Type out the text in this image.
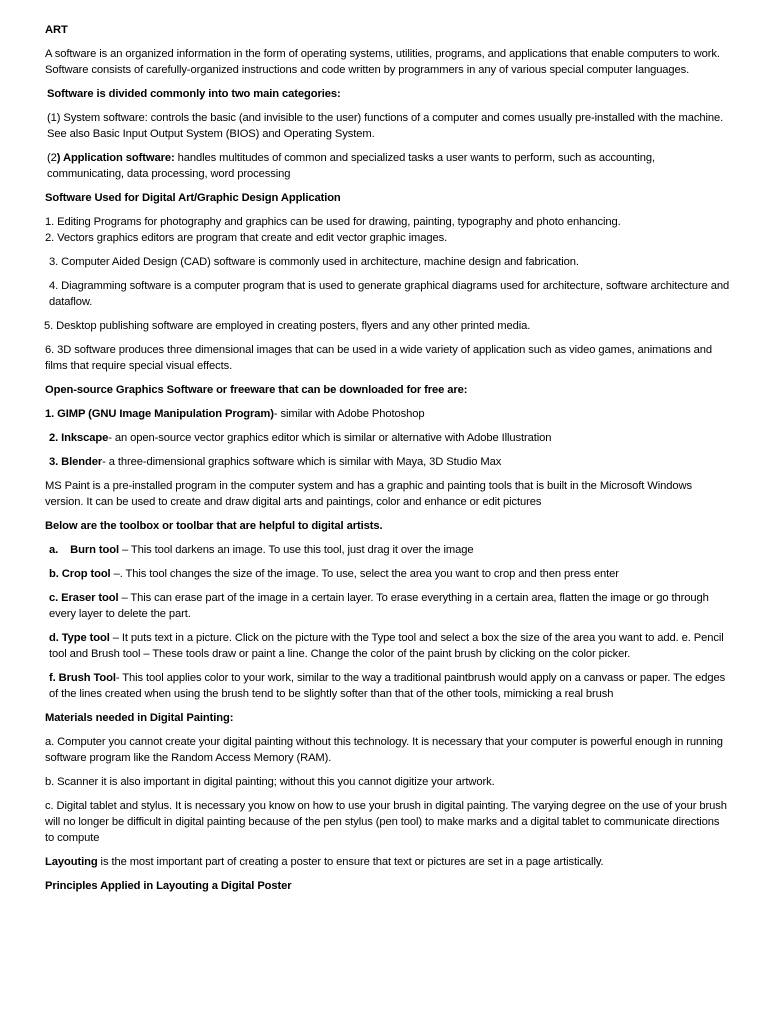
ART

A software is an organized information in the form of operating systems, utilities, programs, and applications that enable computers to work. Software consists of carefully-organized instructions and code written by programmers in any of various special computer languages.

Software is divided commonly into two main categories:

(1) System software: controls the basic (and invisible to the user) functions of a computer and comes usually pre-installed with the machine. See also Basic Input Output System (BIOS) and Operating System.

(2) Application software: handles multitudes of common and specialized tasks a user wants to perform, such as accounting, communicating, data processing, word processing

Software Used for Digital Art/Graphic Design Application

1. Editing Programs for photography and graphics can be used for drawing, painting, typography and photo enhancing.

2. Vectors graphics editors are program that create and edit vector graphic images.

3. Computer Aided Design (CAD) software is commonly used in architecture, machine design and fabrication.

4. Diagramming software is a computer program that is used to generate graphical diagrams used for architecture, software architecture and dataflow.

5. Desktop publishing software are employed in creating posters, flyers and any other printed media.

6. 3D software produces three dimensional images that can be used in a wide variety of application such as video games, animations and films that require special visual effects.

Open-source Graphics Software or freeware that can be downloaded for free are:

1. GIMP (GNU Image Manipulation Program)- similar with Adobe Photoshop

2. Inkscape- an open-source vector graphics editor which is similar or alternative with Adobe Illustration

3. Blender- a three-dimensional graphics software which is similar with Maya, 3D Studio Max

MS Paint is a pre-installed program in the computer system and has a graphic and painting tools that is built in the Microsoft Windows version. It can be used to create and draw digital arts and paintings, color and enhance or edit pictures

Below are the toolbox or toolbar that are helpful to digital artists.

a.    Burn tool – This tool darkens an image. To use this tool, just drag it over the image

b. Crop tool –. This tool changes the size of the image. To use, select the area you want to crop and then press enter

c. Eraser tool – This can erase part of the image in a certain layer. To erase everything in a certain area, flatten the image or go through every layer to delete the part.

d. Type tool – It puts text in a picture. Click on the picture with the Type tool and select a box the size of the area you want to add. e. Pencil tool and Brush tool – These tools draw or paint a line. Change the color of the paint brush by clicking on the color picker.

f. Brush Tool- This tool applies color to your work, similar to the way a traditional paintbrush would apply on a canvass or paper. The edges of the lines created when using the brush tend to be slightly softer than that of the other tools, mimicking a real brush

Materials needed in Digital Painting:

a. Computer you cannot create your digital painting without this technology. It is necessary that your computer is powerful enough in running software program like the Random Access Memory (RAM).

b. Scanner it is also important in digital painting; without this you cannot digitize your artwork.

c. Digital tablet and stylus. It is necessary you know on how to use your brush in digital painting. The varying degree on the use of your brush will no longer be difficult in digital painting because of the pen stylus (pen tool) to make marks and a digital tablet to communicate directions to compute

Layouting is the most important part of creating a poster to ensure that text or pictures are set in a page artistically.

Principles Applied in Layouting a Digital Poster
